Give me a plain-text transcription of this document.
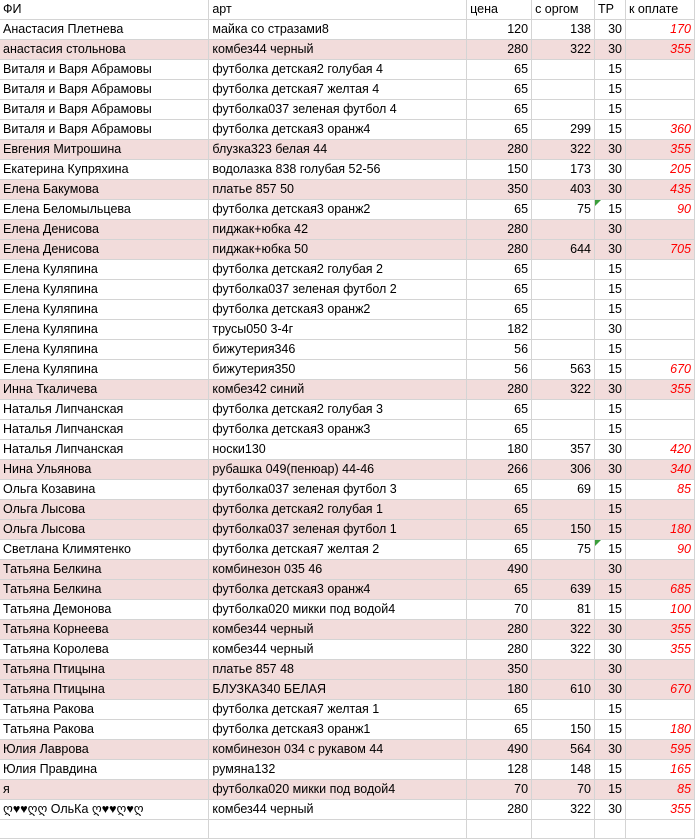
ФИ	арт	цена	с оргом	ТР	к оплате
Анастасия Плетнева	майка со стразами8	120	138	30	170
анастасия стольнова	комбез44 черный	280	322	30	355
Виталя и Варя Абрамовы	футболка детская2 голубая 4	65		15	
Виталя и Варя Абрамовы	футболка детская7 желтая 4	65		15	
Виталя и Варя Абрамовы	футболка037 зеленая футбол 4	65		15	
Виталя и Варя Абрамовы	футболка детская3 оранж4	65	299	15	360
Евгения Митрошина	блузка323 белая 44	280	322	30	355
Екатерина Купряхина	водолазка 838 голубая 52-56	150	173	30	205
Елена Бакумова	платье 857 50	350	403	30	435
Елена Беломыльцева	футболка детская3 оранж2	65	75	15	90
Елена Денисова	пиджак+юбка 42	280		30	
Елена Денисова	пиджак+юбка 50	280	644	30	705
Елена Куляпина	футболка детская2 голубая 2	65		15	
Елена Куляпина	футболка037 зеленая футбол 2	65		15	
Елена Куляпина	футболка детская3 оранж2	65		15	
Елена Куляпина	трусы050 3-4г	182		30	
Елена Куляпина	бижутерия346	56		15	
Елена Куляпина	бижутерия350	56	563	15	670
Инна Ткаличева	комбез42 синий	280	322	30	355
Наталья Липчанская	футболка детская2 голубая 3	65		15	
Наталья Липчанская	футболка детская3 оранж3	65		15	
Наталья Липчанская	носки130	180	357	30	420
Нина Ульянова	рубашка 049(пенюар) 44-46	266	306	30	340
Ольга Козавина	футболка037 зеленая футбол 3	65	69	15	85
Ольга Лысова	футболка детская2 голубая 1	65		15	
Ольга Лысова	футболка037 зеленая футбол 1	65	150	15	180
Светлана Климятенко	футболка детская7 желтая 2	65	75	15	90
Татьяна Белкина	комбинезон 035 46	490		30	
Татьяна Белкина	футболка детская3 оранж4	65	639	15	685
Татьяна Демонова	футболка020 микки под водой4	70	81	15	100
Татьяна Корнеева	комбез44 черный	280	322	30	355
Татьяна Королева	комбез44 черный	280	322	30	355
Татьяна Птицына	платье 857 48	350		30	
Татьяна Птицына	БЛУЗКА340 БЕЛАЯ	180	610	30	670
Татьяна Ракова	футболка детская7 желтая 1	65		15	
Татьяна Ракова	футболка детская3 оранж1	65	150	15	180
Юлия Лаврова	комбинезон 034 с рукавом 44	490	564	30	595
Юлия Правдина	румяна132	128	148	15	165
я	футболка020 микки под водой4	70	70	15	85
ღ♥♥ღღ ОльКа ღ♥♥ღ♥ღ	комбез44 черный	280	322	30	355
